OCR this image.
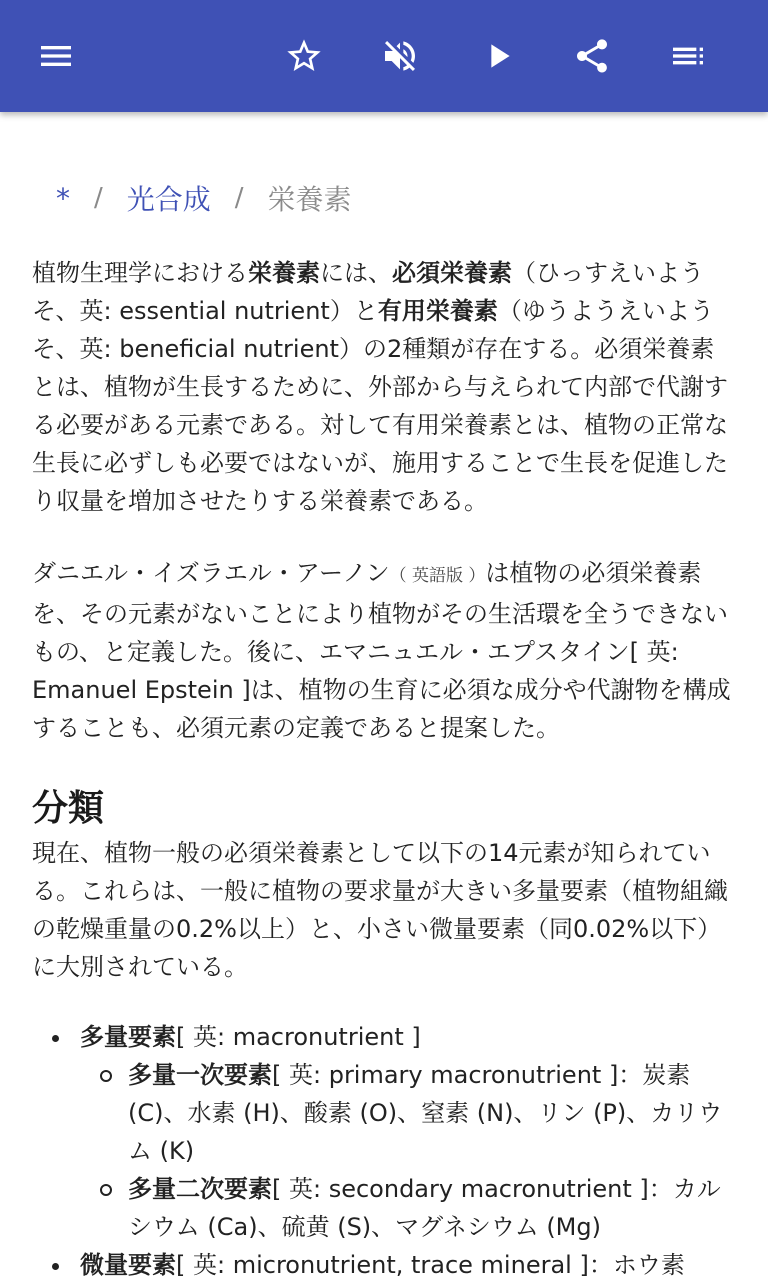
* / 光合成 / 栄養素

植物生理学における栄養素には、必須栄養素（ひっすえいようそ、英: essential nutrient）と有用栄養素（ゆうようえいようそ、英: beneficial nutrient）の2種類が存在する。必須栄養素とは、植物が生長するために、外部から与えられて内部で代謝する必要がある元素である。対して有用栄養素とは、植物の正常な生長に必ずしも必要ではないが、施用することで生長を促進したり収量を増加させたりする栄養素である。

ダニエル・イズラエル・アーノン（ 英語版 ）は植物の必須栄養素を、その元素がないことにより植物がその生活環を全うできないもの、と定義した。後に、エマニュエル・エプスタイン[ 英: Emanuel Epstein ]は、植物の生育に必須な成分や代謝物を構成することも、必須元素の定義であると提案した。

分類

現在、植物一般の必須栄養素として以下の14元素が知られている。これらは、一般に植物の要求量が大きい多量要素（植物組織の乾燥重量の0.2%以上）と、小さい微量要素（同0.02%以下）に大別されている。

多量要素[ 英: macronutrient ]
多量一次要素[ 英: primary macronutrient ]：炭素 (C)、水素 (H)、酸素 (O)、窒素 (N)、リン (P)、カリウム (K)
多量二次要素[ 英: secondary macronutrient ]：カルシウム (Ca)、硫黄 (S)、マグネシウム (Mg)
微量要素[ 英: micronutrient, trace mineral ]：ホウ素
